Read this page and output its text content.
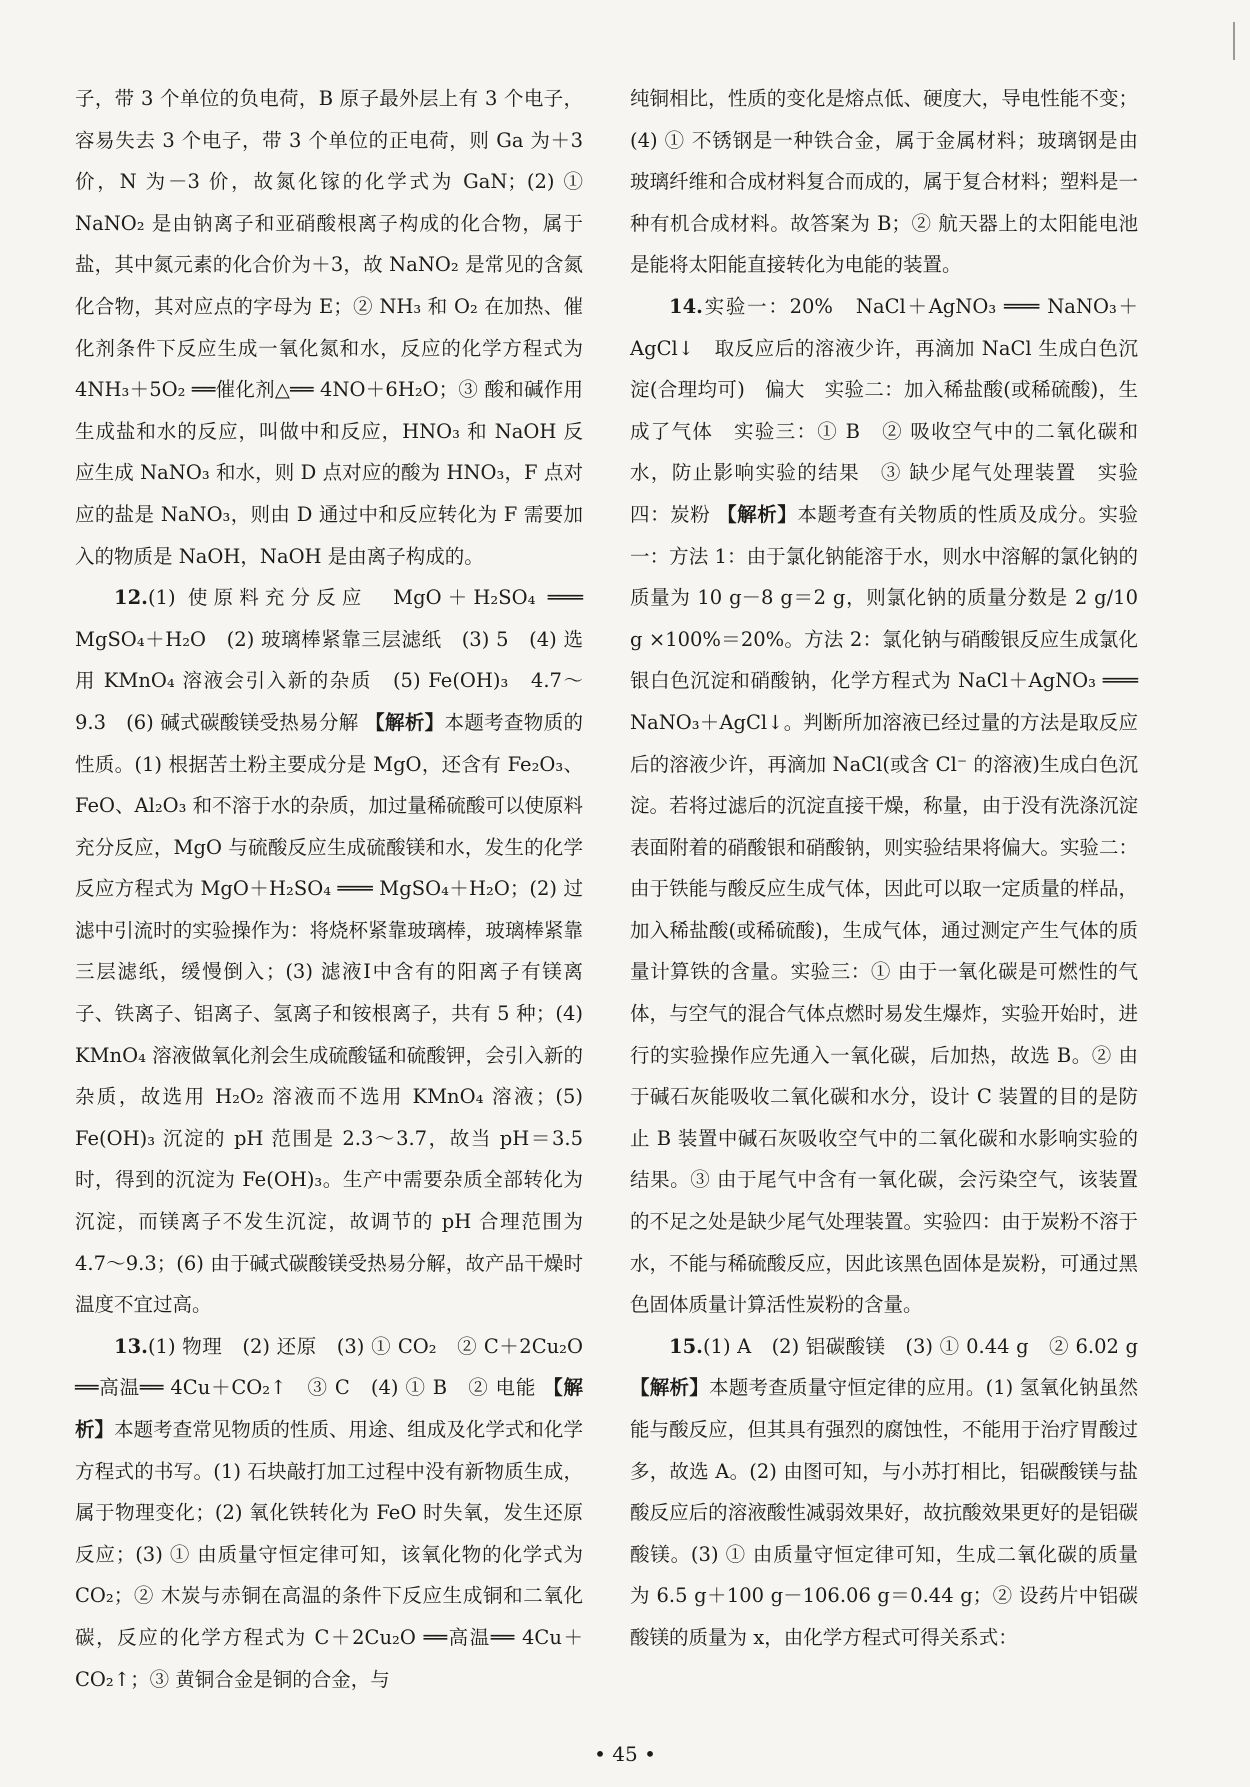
子，带 3 个单位的负电荷，B 原子最外层上有 3 个电子，容易失去 3 个电子，带 3 个单位的正电荷，则 Ga 为＋3 价，N 为－3 价，故氮化镓的化学式为 GaN；(2) ① NaNO₂ 是由钠离子和亚硝酸根离子构成的化合物，属于盐，其中氮元素的化合价为＋3，故 NaNO₂ 是常见的含氮化合物，其对应点的字母为 E；② NH₃ 和 O₂ 在加热、催化剂条件下反应生成一氧化氮和水，反应的化学方程式为 4NH₃＋5O₂ ══催化剂△══ 4NO＋6H₂O；③ 酸和碱作用生成盐和水的反应，叫做中和反应，HNO₃ 和 NaOH 反应生成 NaNO₃ 和水，则 D 点对应的酸为 HNO₃，F 点对应的盐是 NaNO₃，则由 D 通过中和反应转化为 F 需要加入的物质是 NaOH，NaOH 是由离子构成的。

12.(1) 使原料充分反应　MgO＋H₂SO₄ ═══ MgSO₄＋H₂O　(2) 玻璃棒紧靠三层滤纸　(3) 5　(4) 选用 KMnO₄ 溶液会引入新的杂质　(5) Fe(OH)₃　4.7～9.3　(6) 碱式碳酸镁受热易分解 【解析】本题考查物质的性质。(1) 根据苦土粉主要成分是 MgO，还含有 Fe₂O₃、FeO、Al₂O₃ 和不溶于水的杂质，加过量稀硫酸可以使原料充分反应，MgO 与硫酸反应生成硫酸镁和水，发生的化学反应方程式为 MgO＋H₂SO₄ ═══ MgSO₄＋H₂O；(2) 过滤中引流时的实验操作为：将烧杯紧靠玻璃棒，玻璃棒紧靠三层滤纸，缓慢倒入；(3) 滤液Ⅰ中含有的阳离子有镁离子、铁离子、铝离子、氢离子和铵根离子，共有 5 种；(4) KMnO₄ 溶液做氧化剂会生成硫酸锰和硫酸钾，会引入新的杂质，故选用 H₂O₂ 溶液而不选用 KMnO₄ 溶液；(5) Fe(OH)₃ 沉淀的 pH 范围是 2.3～3.7，故当 pH＝3.5 时，得到的沉淀为 Fe(OH)₃。生产中需要杂质全部转化为沉淀，而镁离子不发生沉淀，故调节的 pH 合理范围为 4.7～9.3；(6) 由于碱式碳酸镁受热易分解，故产品干燥时温度不宜过高。

13.(1) 物理　(2) 还原　(3) ① CO₂　② C＋2Cu₂O ══高温══ 4Cu＋CO₂↑　③ C　(4) ① B　② 电能 【解析】本题考查常见物质的性质、用途、组成及化学式和化学方程式的书写。(1) 石块敲打加工过程中没有新物质生成，属于物理变化；(2) 氧化铁转化为 FeO 时失氧，发生还原反应；(3) ① 由质量守恒定律可知，该氧化物的化学式为 CO₂；② 木炭与赤铜在高温的条件下反应生成铜和二氧化碳，反应的化学方程式为 C＋2Cu₂O ══高温══ 4Cu＋CO₂↑；③ 黄铜合金是铜的合金，与

纯铜相比，性质的变化是熔点低、硬度大，导电性能不变；(4) ① 不锈钢是一种铁合金，属于金属材料；玻璃钢是由玻璃纤维和合成材料复合而成的，属于复合材料；塑料是一种有机合成材料。故答案为 B；② 航天器上的太阳能电池是能将太阳能直接转化为电能的装置。

14.实验一：20%　NaCl＋AgNO₃ ═══ NaNO₃＋AgCl↓　取反应后的溶液少许，再滴加 NaCl 生成白色沉淀(合理均可)　偏大　实验二：加入稀盐酸(或稀硫酸)，生成了气体　实验三：① B　② 吸收空气中的二氧化碳和水，防止影响实验的结果　③ 缺少尾气处理装置　实验四：炭粉 【解析】本题考查有关物质的性质及成分。实验一：方法 1：由于氯化钠能溶于水，则水中溶解的氯化钠的质量为 10 g－8 g＝2 g，则氯化钠的质量分数是 2 g/10 g ×100%＝20%。方法 2：氯化钠与硝酸银反应生成氯化银白色沉淀和硝酸钠，化学方程式为 NaCl＋AgNO₃ ═══ NaNO₃＋AgCl↓。判断所加溶液已经过量的方法是取反应后的溶液少许，再滴加 NaCl(或含 Cl⁻ 的溶液)生成白色沉淀。若将过滤后的沉淀直接干燥，称量，由于没有洗涤沉淀表面附着的硝酸银和硝酸钠，则实验结果将偏大。实验二：由于铁能与酸反应生成气体，因此可以取一定质量的样品，加入稀盐酸(或稀硫酸)，生成气体，通过测定产生气体的质量计算铁的含量。实验三：① 由于一氧化碳是可燃性的气体，与空气的混合气体点燃时易发生爆炸，实验开始时，进行的实验操作应先通入一氧化碳，后加热，故选 B。② 由于碱石灰能吸收二氧化碳和水分，设计 C 装置的目的是防止 B 装置中碱石灰吸收空气中的二氧化碳和水影响实验的结果。③ 由于尾气中含有一氧化碳，会污染空气，该装置的不足之处是缺少尾气处理装置。实验四：由于炭粉不溶于水，不能与稀硫酸反应，因此该黑色固体是炭粉，可通过黑色固体质量计算活性炭粉的含量。

15.(1) A　(2) 铝碳酸镁　(3) ① 0.44 g　② 6.02 g 【解析】本题考查质量守恒定律的应用。(1) 氢氧化钠虽然能与酸反应，但其具有强烈的腐蚀性，不能用于治疗胃酸过多，故选 A。(2) 由图可知，与小苏打相比，铝碳酸镁与盐酸反应后的溶液酸性减弱效果好，故抗酸效果更好的是铝碳酸镁。(3) ① 由质量守恒定律可知，生成二氧化碳的质量为 6.5 g＋100 g－106.06 g＝0.44 g；② 设药片中铝碳酸镁的质量为 x，由化学方程式可得关系式：

• 45 •
